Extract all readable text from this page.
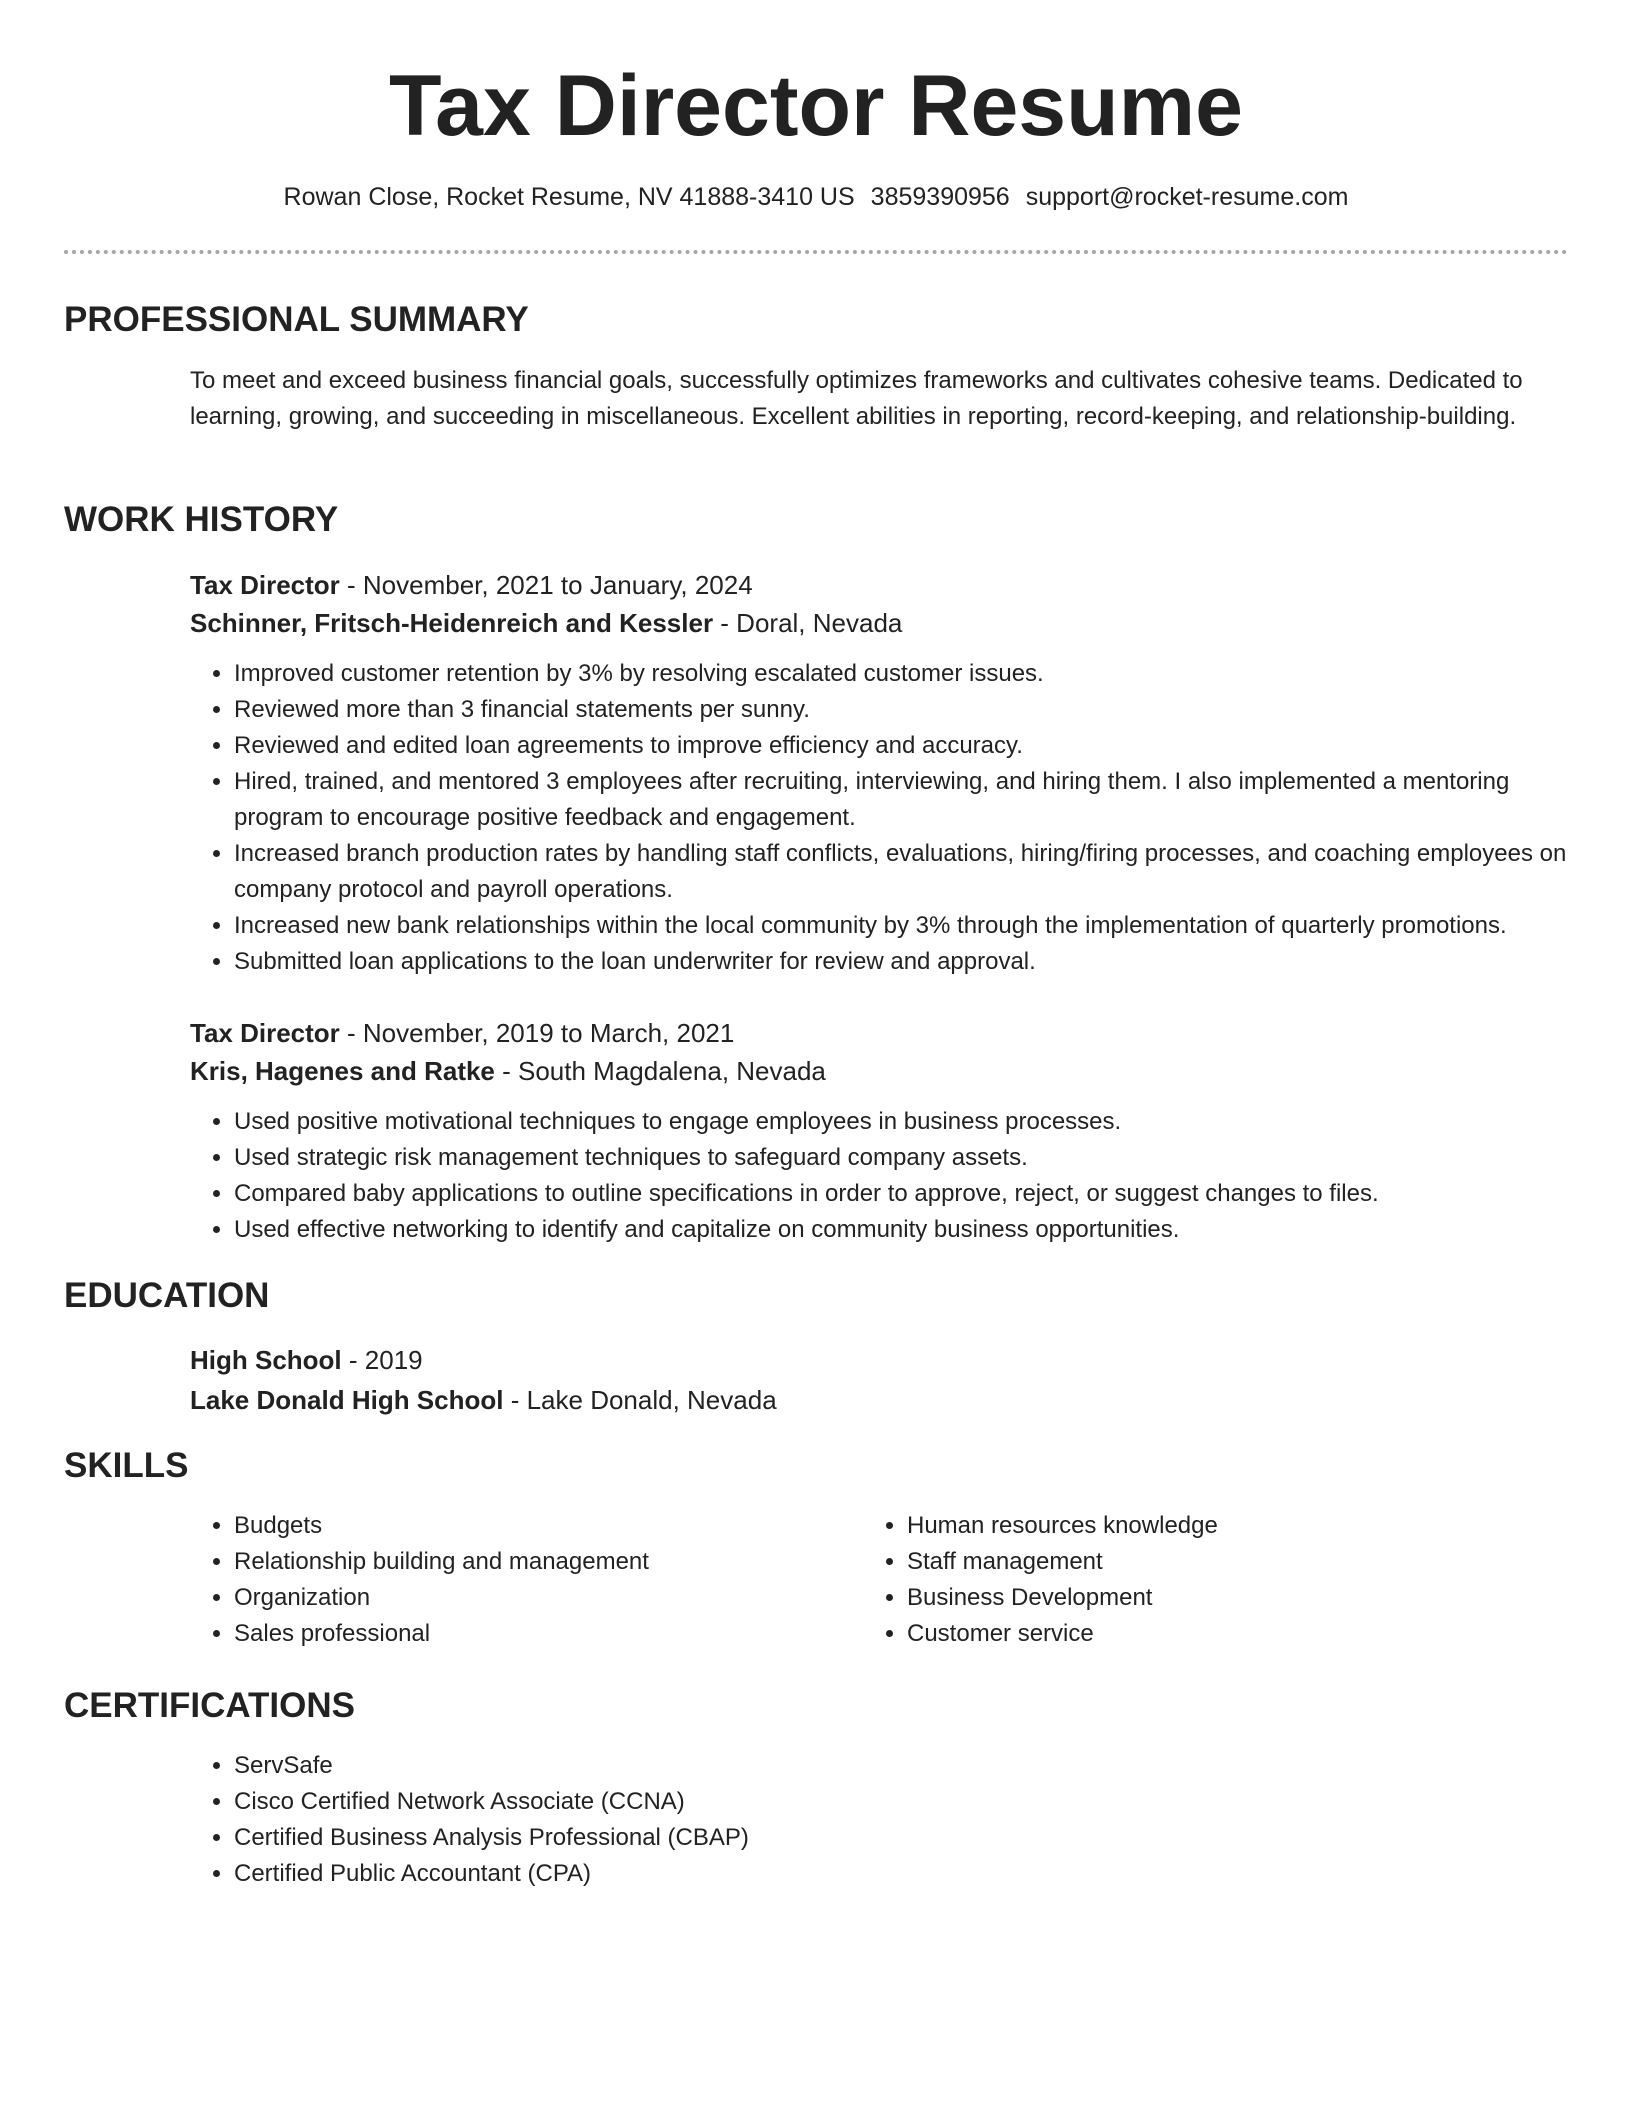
Tax Director Resume
Rowan Close, Rocket Resume, NV 41888-3410 US 3859390956 support@rocket-resume.com
PROFESSIONAL SUMMARY

To meet and exceed business financial goals, successfully optimizes frameworks and cultivates cohesive teams. Dedicated to learning, growing, and succeeding in miscellaneous. Excellent abilities in reporting, record-keeping, and relationship-building.

WORK HISTORY
Tax Director - November, 2021 to January, 2024
Schinner, Fritsch-Heidenreich and Kessler - Doral, Nevada
• Improved customer retention by 3% by resolving escalated customer issues.
• Reviewed more than 3 financial statements per sunny.
• Reviewed and edited loan agreements to improve efficiency and accuracy.
• Hired, trained, and mentored 3 employees after recruiting, interviewing, and hiring them. I also implemented a mentoring program to encourage positive feedback and engagement.
• Increased branch production rates by handling staff conflicts, evaluations, hiring/firing processes, and coaching employees on company protocol and payroll operations.
• Increased new bank relationships within the local community by 3% through the implementation of quarterly promotions.
• Submitted loan applications to the loan underwriter for review and approval.
Tax Director - November, 2019 to March, 2021
Kris, Hagenes and Ratke - South Magdalena, Nevada
• Used positive motivational techniques to engage employees in business processes.
• Used strategic risk management techniques to safeguard company assets.
• Compared baby applications to outline specifications in order to approve, reject, or suggest changes to files.
• Used effective networking to identify and capitalize on community business opportunities.
EDUCATION
High School - 2019
Lake Donald High School - Lake Donald, Nevada
SKILLS
• Budgets
• Relationship building and management
• Organization
• Sales professional
• Human resources knowledge
• Staff management
• Business Development
• Customer service
CERTIFICATIONS
• ServSafe
• Cisco Certified Network Associate (CCNA)
• Certified Business Analysis Professional (CBAP)
• Certified Public Accountant (CPA)
